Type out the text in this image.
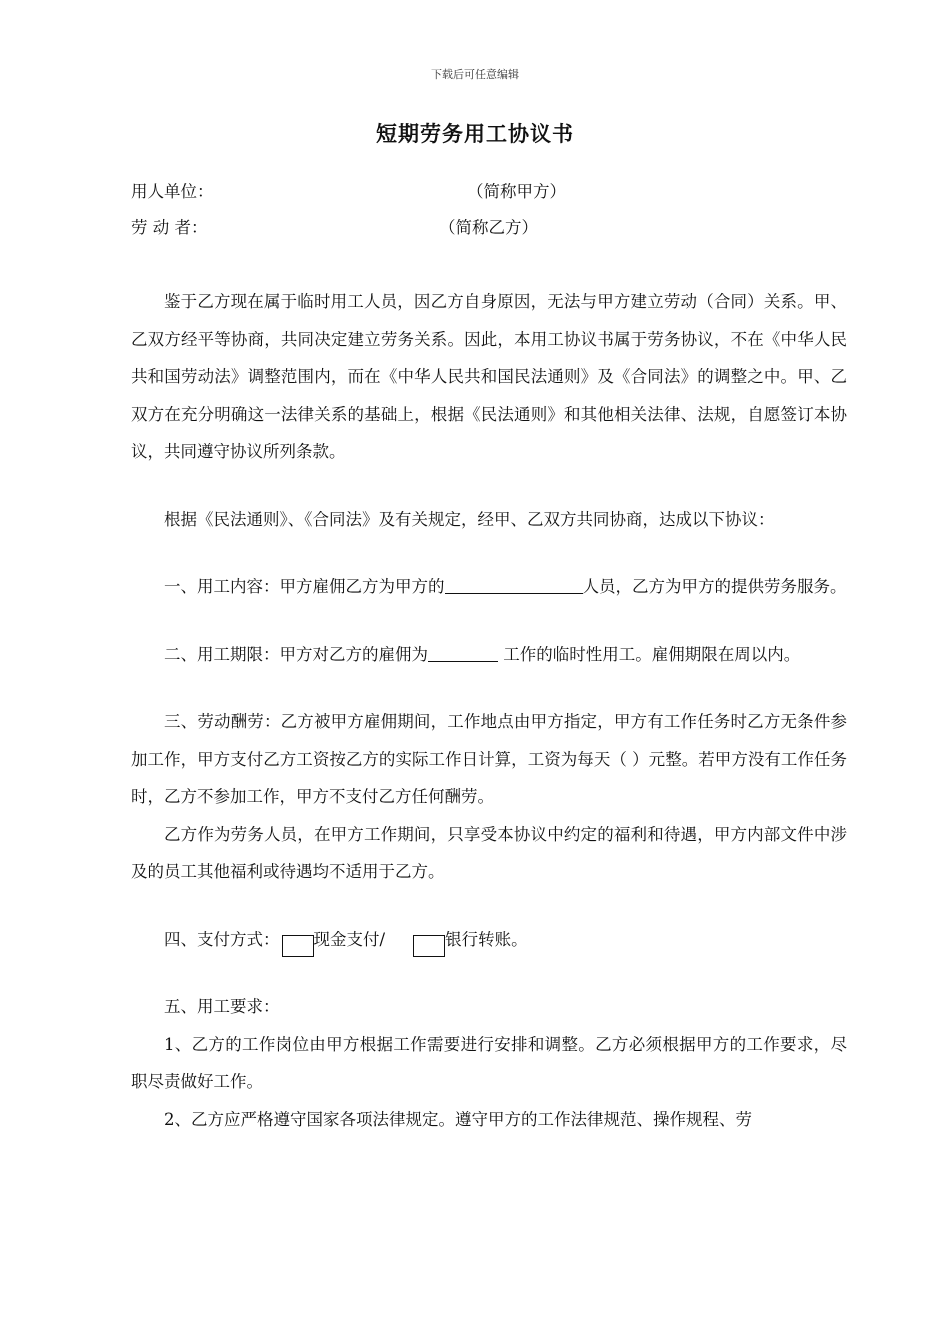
下载后可任意编辑
短期劳务用工协议书
用人单位：	（简称甲方）
劳 动 者：	（简称乙方）

鉴于乙方现在属于临时用工人员，因乙方自身原因，无法与甲方建立劳动（合同）关系。甲、乙双方经平等协商，共同决定建立劳务关系。因此，本用工协议书属于劳务协议，不在《中华人民共和国劳动法》调整范围内，而在《中华人民共和国民法通则》及《合同法》的调整之中。甲、乙双方在充分明确这一法律关系的基础上，根据《民法通则》和其他相关法律、法规，自愿签订本协议，共同遵守协议所列条款。

根据《民法通则》、《合同法》及有关规定，经甲、乙双方共同协商，达成以下协议：

一、用工内容：甲方雇佣乙方为甲方的	人员，乙方为甲方的提供劳务服务。

二、用工期限：甲方对乙方的雇佣为	工作的临时性用工。雇佣期限在周以内。

三、劳动酬劳：乙方被甲方雇佣期间，工作地点由甲方指定，甲方有工作任务时乙方无条件参加工作，甲方支付乙方工资按乙方的实际工作日计算，工资为每天（ ）元整。若甲方没有工作任务时，乙方不参加工作，甲方不支付乙方任何酬劳。

乙方作为劳务人员，在甲方工作期间，只享受本协议中约定的福利和待遇，甲方内部文件中涉及的员工其他福利或待遇均不适用于乙方。

四、支付方式： 现金支付/	银行转账。

五、用工要求：

1、乙方的工作岗位由甲方根据工作需要进行安排和调整。乙方必须根据甲方的工作要求，尽职尽责做好工作。

2、乙方应严格遵守国家各项法律规定。遵守甲方的工作法律规范、操作规程、劳
